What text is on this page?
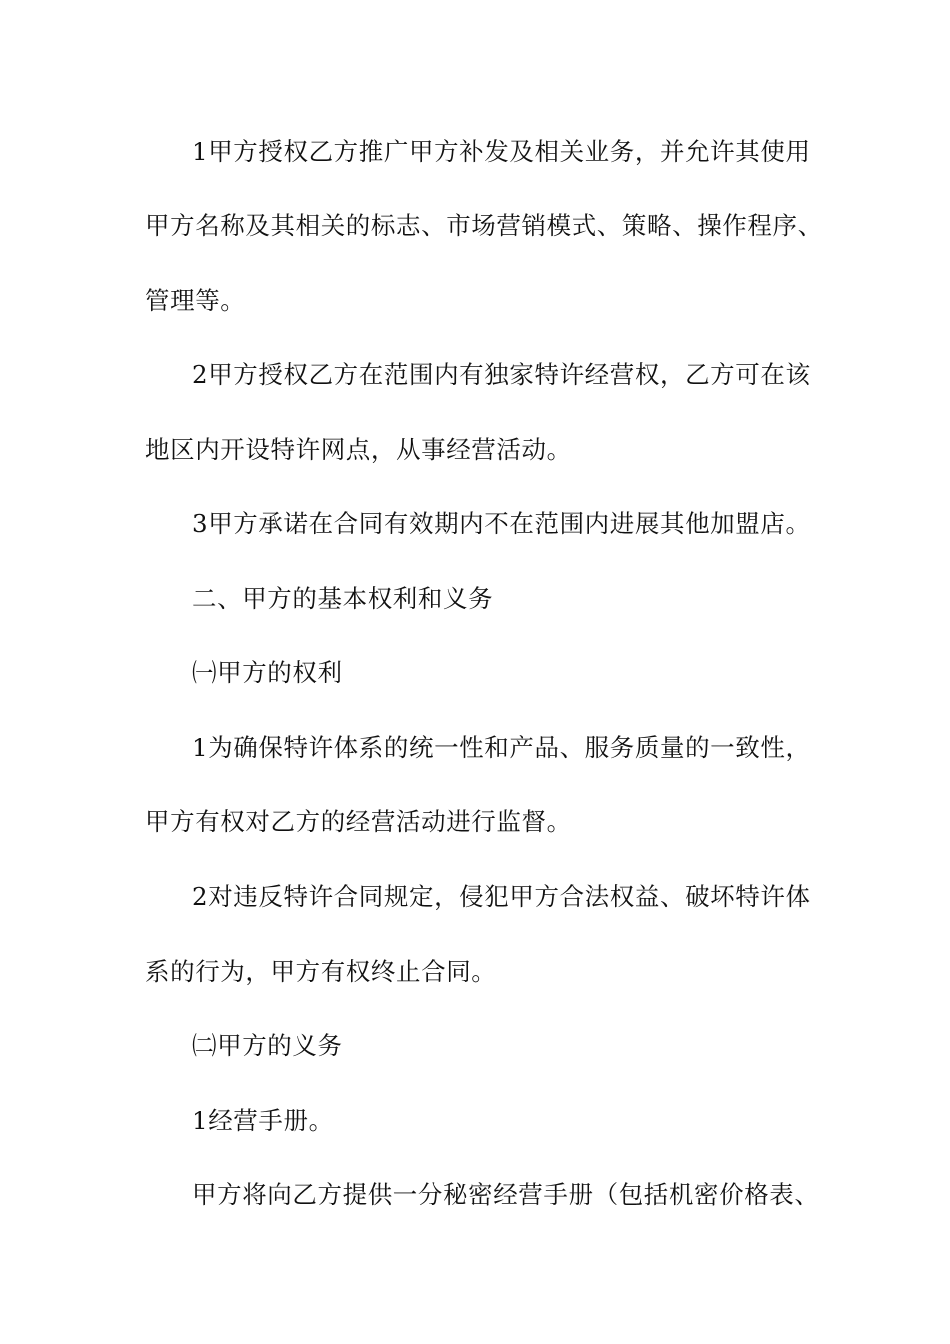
1甲方授权乙方推广甲方补发及相关业务，并允许其使用
甲方名称及其相关的标志、市场营销模式、策略、操作程序、
管理等。
2甲方授权乙方在范围内有独家特许经营权，乙方可在该
地区内开设特许网点，从事经营活动。
3甲方承诺在合同有效期内不在范围内进展其他加盟店。
二、甲方的基本权利和义务
㈠甲方的权利
1为确保特许体系的统一性和产品、服务质量的一致性，
甲方有权对乙方的经营活动进行监督。
2对违反特许合同规定，侵犯甲方合法权益、破坏特许体
系的行为，甲方有权终止合同。
㈡甲方的义务
1经营手册。
甲方将向乙方提供一分秘密经营手册（包括机密价格表、
